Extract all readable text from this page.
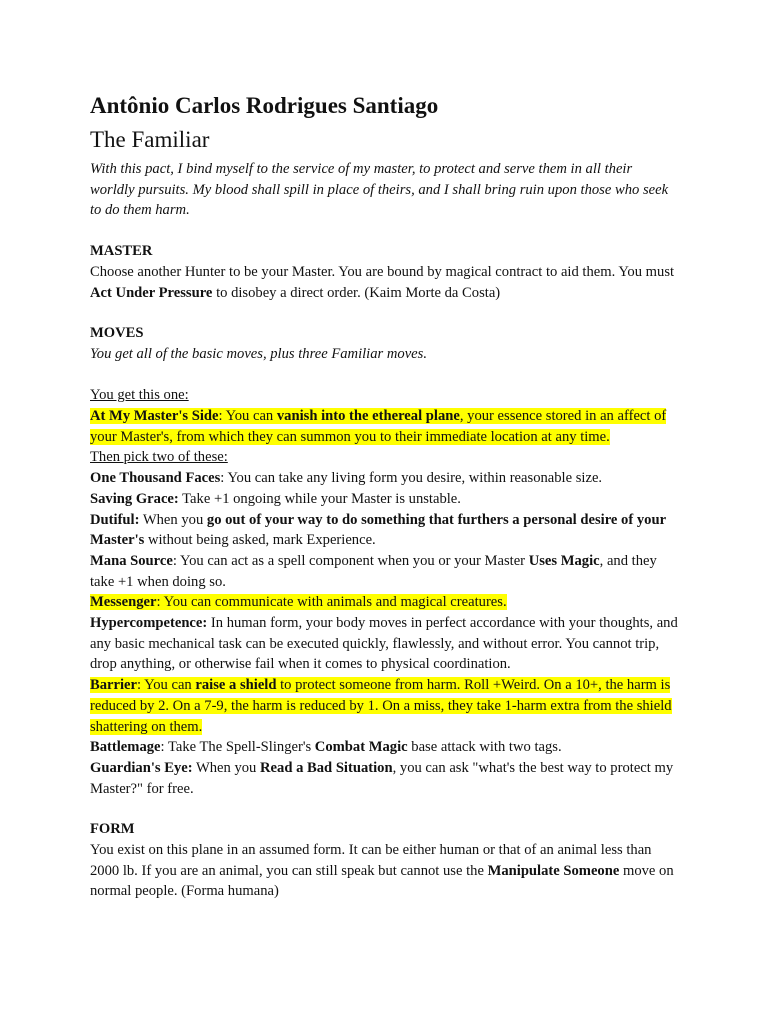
Antônio Carlos Rodrigues Santiago
The Familiar

With this pact, I bind myself to the service of my master, to protect and serve them in all their worldly pursuits. My blood shall spill in place of theirs, and I shall bring ruin upon those who seek to do them harm.

MASTER

Choose another Hunter to be your Master. You are bound by magical contract to aid them. You must Act Under Pressure to disobey a direct order. (Kaim Morte da Costa)

MOVES

You get all of the basic moves, plus three Familiar moves.

You get this one:

At My Master's Side: You can vanish into the ethereal plane, your essence stored in an affect of your Master's, from which they can summon you to their immediate location at any time.

Then pick two of these:

One Thousand Faces: You can take any living form you desire, within reasonable size.

Saving Grace: Take +1 ongoing while your Master is unstable.

Dutiful: When you go out of your way to do something that furthers a personal desire of your Master's without being asked, mark Experience.

Mana Source: You can act as a spell component when you or your Master Uses Magic, and they take +1 when doing so.

Messenger: You can communicate with animals and magical creatures.

Hypercompetence: In human form, your body moves in perfect accordance with your thoughts, and any basic mechanical task can be executed quickly, flawlessly, and without error. You cannot trip, drop anything, or otherwise fail when it comes to physical coordination.

Barrier: You can raise a shield to protect someone from harm. Roll +Weird. On a 10+, the harm is reduced by 2. On a 7-9, the harm is reduced by 1. On a miss, they take 1-harm extra from the shield shattering on them.

Battlemage: Take The Spell-Slinger's Combat Magic base attack with two tags.

Guardian's Eye: When you Read a Bad Situation, you can ask "what's the best way to protect my Master?" for free.

FORM

You exist on this plane in an assumed form. It can be either human or that of an animal less than 2000 lb. If you are an animal, you can still speak but cannot use the Manipulate Someone move on normal people. (Forma humana)
